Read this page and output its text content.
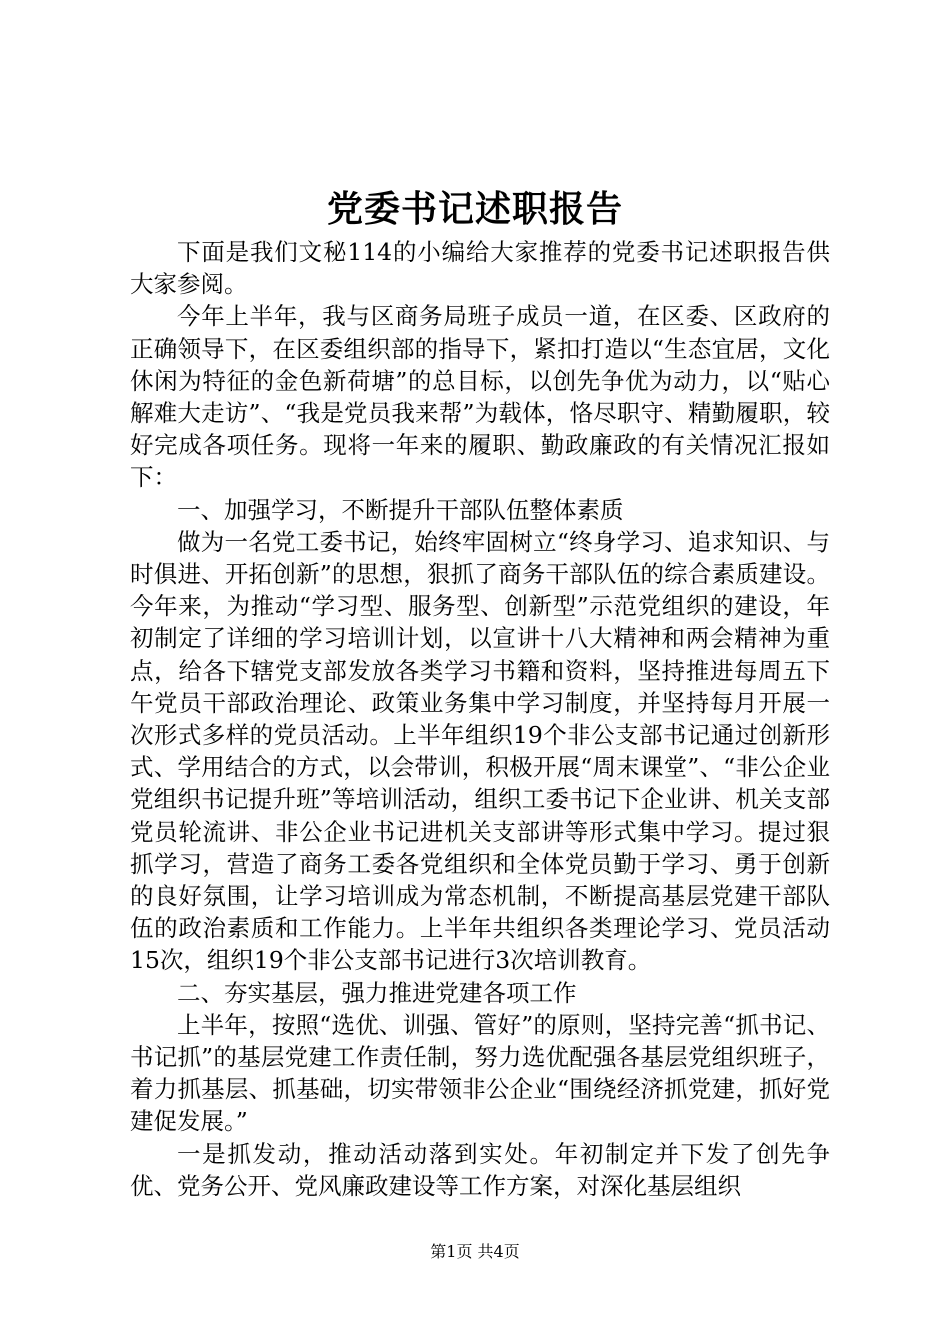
党委书记述职报告

下面是我们文秘114的小编给大家推荐的党委书记述职报告供大家参阅。

今年上半年，我与区商务局班子成员一道，在区委、区政府的正确领导下，在区委组织部的指导下，紧扣打造以“生态宜居，文化休闲为特征的金色新荷塘”的总目标，以创先争优为动力，以“贴心解难大走访”、“我是党员我来帮”为载体，恪尽职守、精勤履职，较好完成各项任务。现将一年来的履职、勤政廉政的有关情况汇报如下：

一、加强学习，不断提升干部队伍整体素质

做为一名党工委书记，始终牢固树立“终身学习、追求知识、与时俱进、开拓创新”的思想，狠抓了商务干部队伍的综合素质建设。今年来，为推动“学习型、服务型、创新型”示范党组织的建设，年初制定了详细的学习培训计划，以宣讲十八大精神和两会精神为重点，给各下辖党支部发放各类学习书籍和资料，坚持推进每周五下午党员干部政治理论、政策业务集中学习制度，并坚持每月开展一次形式多样的党员活动。上半年组织19个非公支部书记通过创新形式、学用结合的方式，以会带训，积极开展“周末课堂”、“非公企业党组织书记提升班”等培训活动，组织工委书记下企业讲、机关支部党员轮流讲、非公企业书记进机关支部讲等形式集中学习。提过狠抓学习，营造了商务工委各党组织和全体党员勤于学习、勇于创新的良好氛围，让学习培训成为常态机制，不断提高基层党建干部队伍的政治素质和工作能力。上半年共组织各类理论学习、党员活动15次，组织19个非公支部书记进行3次培训教育。

二、夯实基层，强力推进党建各项工作

上半年，按照“选优、训强、管好”的原则，坚持完善“抓书记、书记抓”的基层党建工作责任制，努力选优配强各基层党组织班子，着力抓基层、抓基础，切实带领非公企业“围绕经济抓党建，抓好党建促发展。”

一是抓发动，推动活动落到实处。年初制定并下发了创先争优、党务公开、党风廉政建设等工作方案，对深化基层组织

第1页 共4页
